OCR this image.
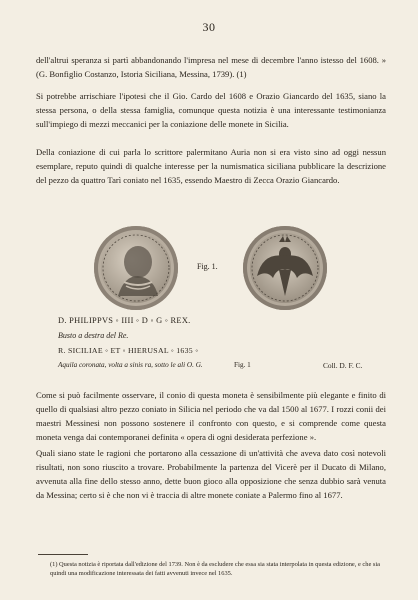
30

dell'altrui speranza si partì abbandonando l'impresa nel mese di decembre l'anno istesso del 1608. » (G. Bonfiglio Costanzo, Istoria Siciliana, Messina, 1739). (1)

Si potrebbe arrischiare l'ipotesi che il Gio. Cardo del 1608 e Orazio Giancardo del 1635, siano la stessa persona, o della stessa famiglia, comunque questa notizia è una interessante testimonianza sull'impiego di mezzi meccanici per la coniazione delle monete in Sicilia.

Della coniazione di cui parla lo scrittore palermitano Auria non si era visto sino ad oggi nessun esemplare, reputo quindi di qualche interesse per la numismatica siciliana pubblicare la descrizione del pezzo da quattro Tarì coniato nel 1635, essendo Maestro di Zecca Orazio Giancardo.

Fig. 1.
D. PHILIPPVS ◦ IIII ◦ D ◦ G ◦ REX.
Busto a destra del Re.
R. SICILIAE ◦ ET ◦ HIERUSAL ◦ 1635 ◦
Aquila coronata, volta a sinis ra, sotto le ali O. G.	Fig. 1	Coll. D. F. C.

Come si può facilmente osservare, il conio di questa moneta è sensibilmente più elegante e finito di quello di qualsiasi altro pezzo coniato in Silicia nel periodo che va dal 1500 al 1677. I rozzi conii dei maestri Messinesi non possono sostenere il confronto con questo, e si comprende come questa moneta venga dai contemporanei definita « opera di ogni desiderata perfezione ».

Quali siano state le ragioni che portarono alla cessazione di un'attività che aveva dato così notevoli risultati, non sono riuscito a trovare. Probabilmente la partenza del Vicerè per il Ducato di Milano, avvenuta alla fine dello stesso anno, dette buon gioco alla opposizione che senza dubbio sarà venuta da Messina; certo si è che non vi è traccia di altre monete coniate a Palermo fino al 1677.

(1) Questa notizia è riportata dall'edizione del 1739. Non è da escludere che essa sia stata interpolata in questa edizione, e che sia quindi una modificazione interessata dei fatti avvenuti invece nel 1635.
